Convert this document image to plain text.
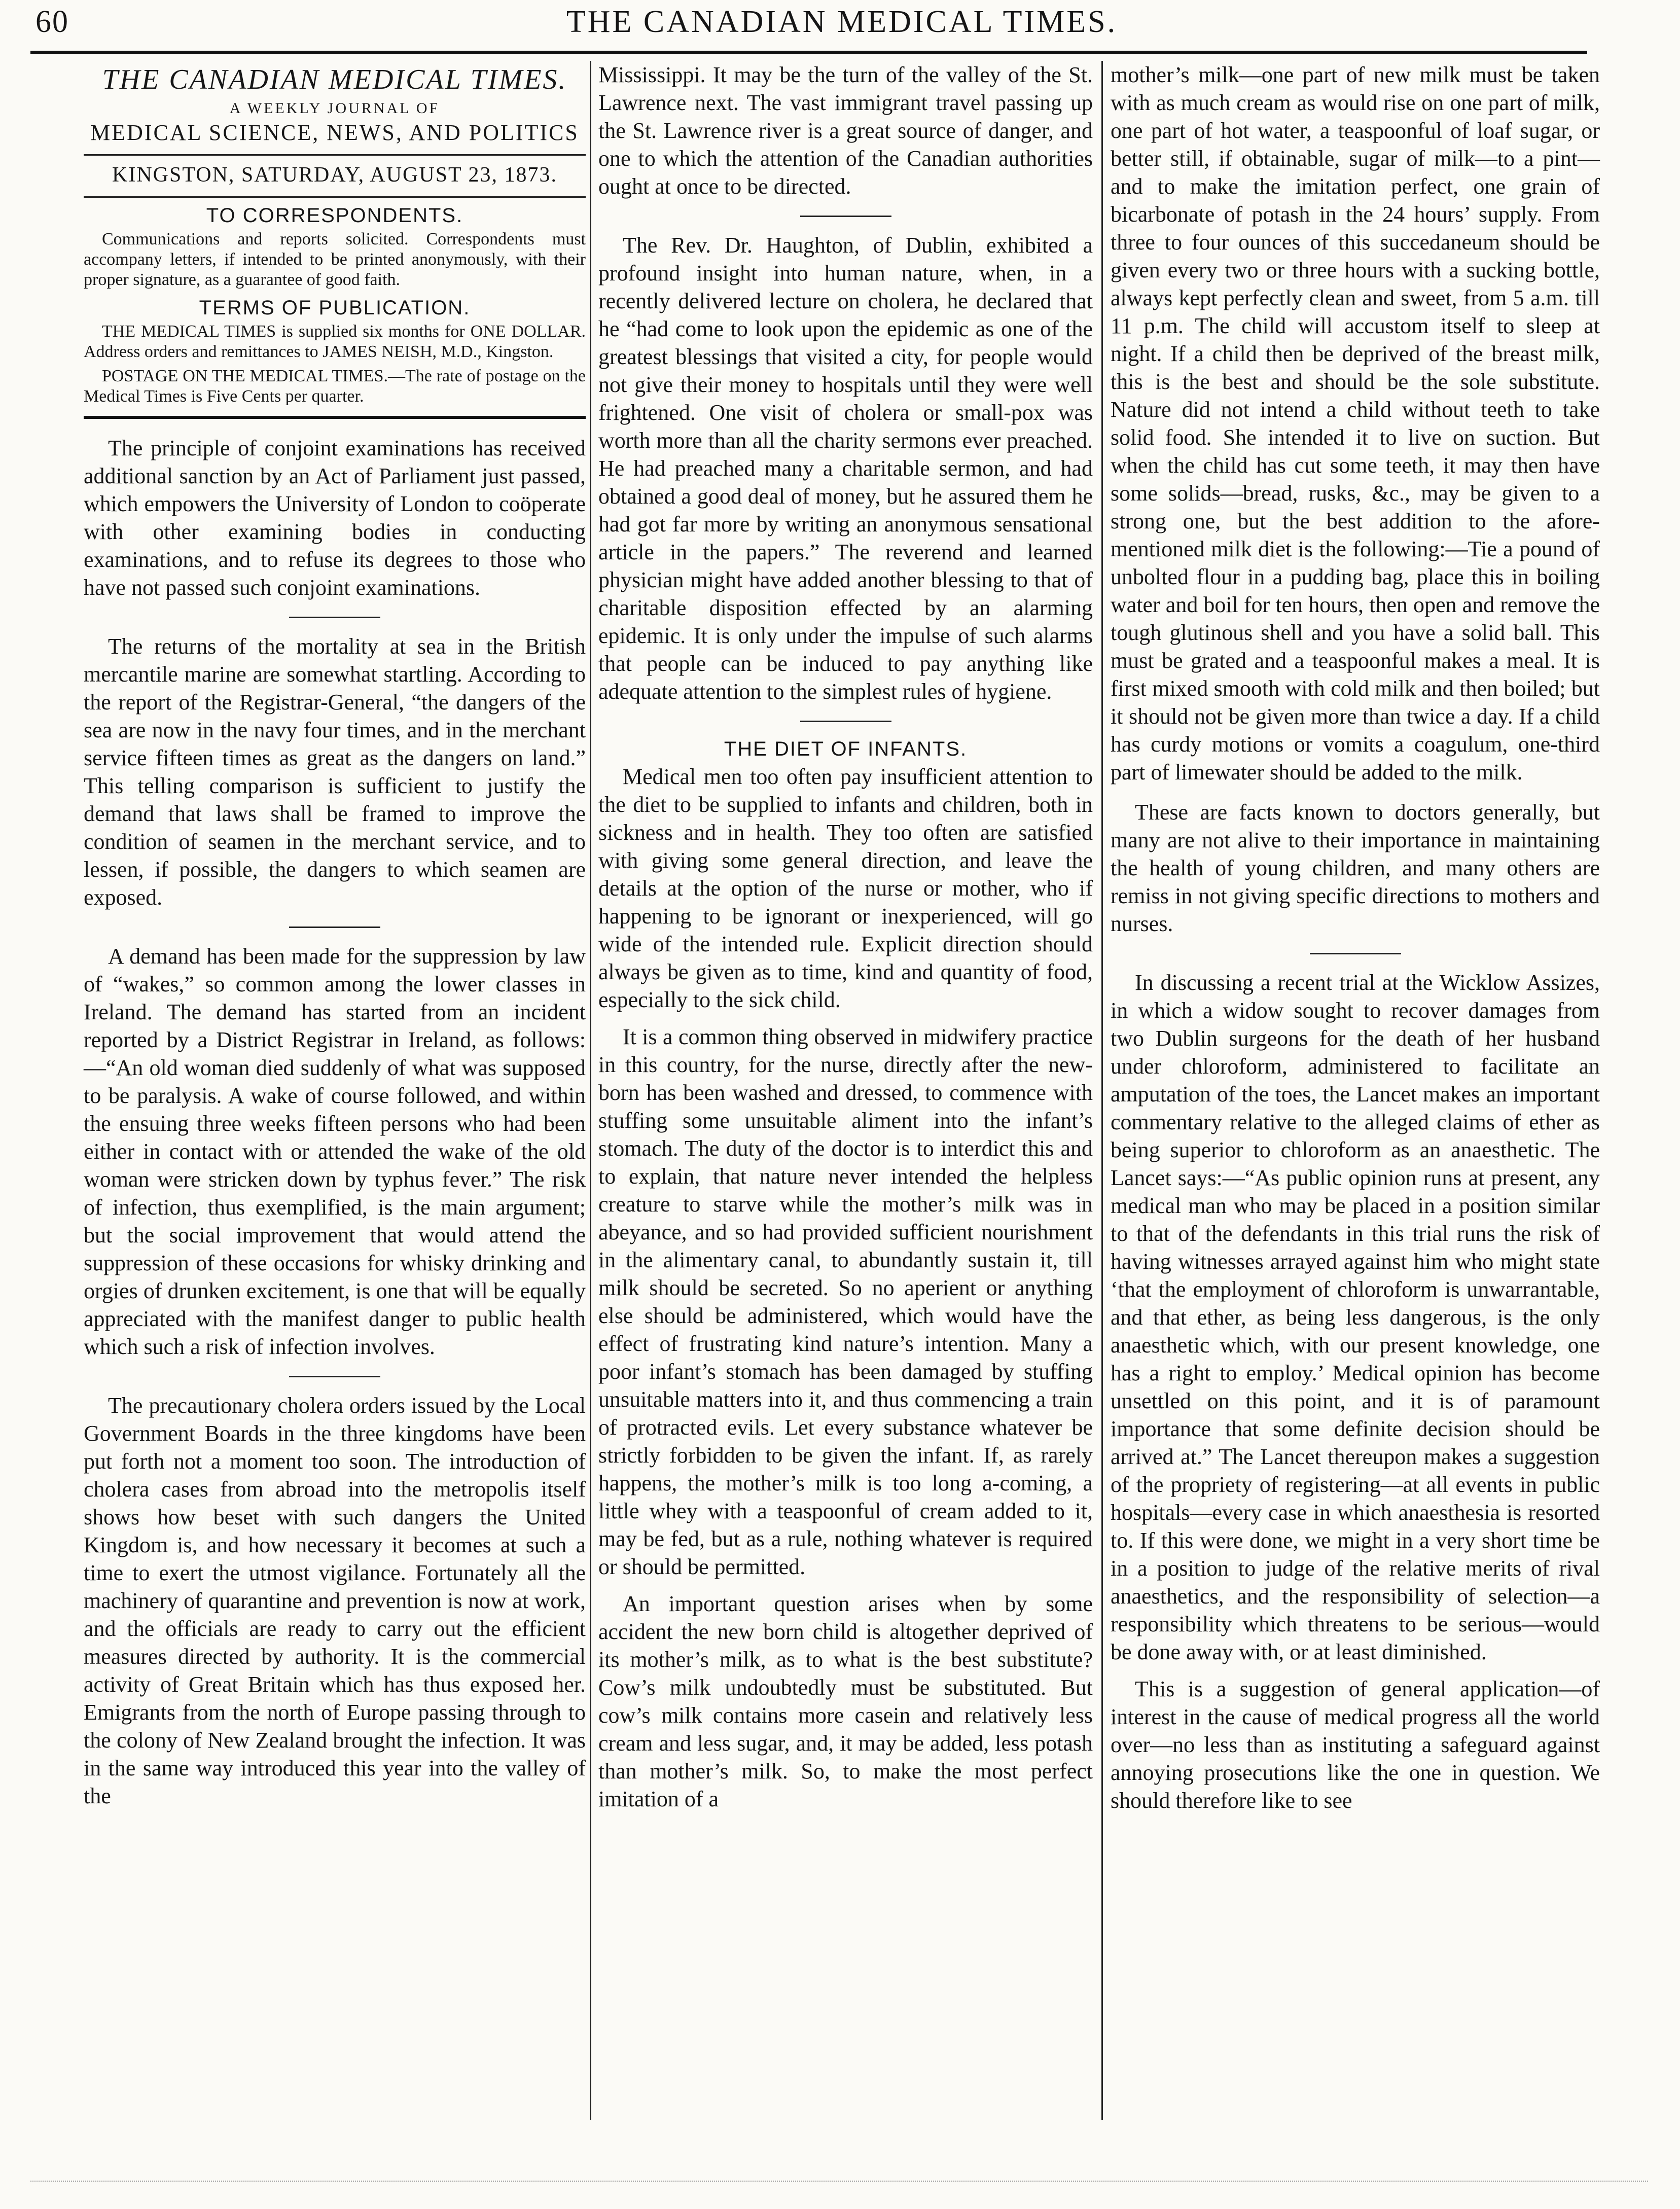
60	THE CANADIAN MEDICAL TIMES.
THE CANADIAN MEDICAL TIMES.
A WEEKLY JOURNAL OF
MEDICAL SCIENCE, NEWS, AND POLITICS
KINGSTON, SATURDAY, AUGUST 23, 1873.
TO CORRESPONDENTS.

Communications and reports solicited. Correspondents must accompany letters, if intended to be printed anonymously, with their proper signature, as a guarantee of good faith.

TERMS OF PUBLICATION.

THE MEDICAL TIMES is supplied six months for ONE DOLLAR. Address orders and remittances to JAMES NEISH, M.D., Kingston.

POSTAGE ON THE MEDICAL TIMES.—The rate of postage on the Medical Times is Five Cents per quarter.

The principle of conjoint examinations has received additional sanction by an Act of Parliament just passed, which empowers the University of London to coöperate with other examining bodies in conducting examinations, and to refuse its degrees to those who have not passed such conjoint examinations.

The returns of the mortality at sea in the British mercantile marine are somewhat startling. According to the report of the Registrar-General, “the dangers of the sea are now in the navy four times, and in the merchant service fifteen times as great as the dangers on land.” This telling comparison is sufficient to justify the demand that laws shall be framed to improve the condition of seamen in the merchant service, and to lessen, if possible, the dangers to which seamen are exposed.

A demand has been made for the suppression by law of “wakes,” so common among the lower classes in Ireland. The demand has started from an incident reported by a District Registrar in Ireland, as follows:—“An old woman died suddenly of what was supposed to be paralysis. A wake of course followed, and within the ensuing three weeks fifteen persons who had been either in contact with or attended the wake of the old woman were stricken down by typhus fever.” The risk of infection, thus exemplified, is the main argument; but the social improvement that would attend the suppression of these occasions for whisky drinking and orgies of drunken excitement, is one that will be equally appreciated with the manifest danger to public health which such a risk of infection involves.

The precautionary cholera orders issued by the Local Government Boards in the three kingdoms have been put forth not a moment too soon. The introduction of cholera cases from abroad into the metropolis itself shows how beset with such dangers the United Kingdom is, and how necessary it becomes at such a time to exert the utmost vigilance. Fortunately all the machinery of quarantine and prevention is now at work, and the officials are ready to carry out the efficient measures directed by authority. It is the commercial activity of Great Britain which has thus exposed her. Emigrants from the north of Europe passing through to the colony of New Zealand brought the infection. It was in the same way introduced this year into the valley of the

Mississippi. It may be the turn of the valley of the St. Lawrence next. The vast immigrant travel passing up the St. Lawrence river is a great source of danger, and one to which the attention of the Canadian authorities ought at once to be directed.

The Rev. Dr. Haughton, of Dublin, exhibited a profound insight into human nature, when, in a recently delivered lecture on cholera, he declared that he “had come to look upon the epidemic as one of the greatest blessings that visited a city, for people would not give their money to hospitals until they were well frightened. One visit of cholera or small-pox was worth more than all the charity sermons ever preached. He had preached many a charitable sermon, and had obtained a good deal of money, but he assured them he had got far more by writing an anonymous sensational article in the papers.” The reverend and learned physician might have added another blessing to that of charitable disposition effected by an alarming epidemic. It is only under the impulse of such alarms that people can be induced to pay anything like adequate attention to the simplest rules of hygiene.

THE DIET OF INFANTS.

Medical men too often pay insufficient attention to the diet to be supplied to infants and children, both in sickness and in health. They too often are satisfied with giving some general direction, and leave the details at the option of the nurse or mother, who if happening to be ignorant or inexperienced, will go wide of the intended rule. Explicit direction should always be given as to time, kind and quantity of food, especially to the sick child.

It is a common thing observed in midwifery practice in this country, for the nurse, directly after the new-born has been washed and dressed, to commence with stuffing some unsuitable aliment into the infant’s stomach. The duty of the doctor is to interdict this and to explain, that nature never intended the helpless creature to starve while the mother’s milk was in abeyance, and so had provided sufficient nourishment in the alimentary canal, to abundantly sustain it, till milk should be secreted. So no aperient or anything else should be administered, which would have the effect of frustrating kind nature’s intention. Many a poor infant’s stomach has been damaged by stuffing unsuitable matters into it, and thus commencing a train of protracted evils. Let every substance whatever be strictly forbidden to be given the infant. If, as rarely happens, the mother’s milk is too long a-coming, a little whey with a teaspoonful of cream added to it, may be fed, but as a rule, nothing whatever is required or should be permitted.

An important question arises when by some accident the new born child is altogether deprived of its mother’s milk, as to what is the best substitute? Cow’s milk undoubtedly must be substituted. But cow’s milk contains more casein and relatively less cream and less sugar, and, it may be added, less potash than mother’s milk. So, to make the most perfect imitation of a

mother’s milk—one part of new milk must be taken with as much cream as would rise on one part of milk, one part of hot water, a teaspoonful of loaf sugar, or better still, if obtainable, sugar of milk—to a pint—and to make the imitation perfect, one grain of bicarbonate of potash in the 24 hours’ supply. From three to four ounces of this succedaneum should be given every two or three hours with a sucking bottle, always kept perfectly clean and sweet, from 5 a.m. till 11 p.m. The child will accustom itself to sleep at night. If a child then be deprived of the breast milk, this is the best and should be the sole substitute. Nature did not intend a child without teeth to take solid food. She intended it to live on suction. But when the child has cut some teeth, it may then have some solids—bread, rusks, &c., may be given to a strong one, but the best addition to the afore-mentioned milk diet is the following:—Tie a pound of unbolted flour in a pudding bag, place this in boiling water and boil for ten hours, then open and remove the tough glutinous shell and you have a solid ball. This must be grated and a teaspoonful makes a meal. It is first mixed smooth with cold milk and then boiled; but it should not be given more than twice a day. If a child has curdy motions or vomits a coagulum, one-third part of limewater should be added to the milk.

These are facts known to doctors generally, but many are not alive to their importance in maintaining the health of young children, and many others are remiss in not giving specific directions to mothers and nurses.

In discussing a recent trial at the Wicklow Assizes, in which a widow sought to recover damages from two Dublin surgeons for the death of her husband under chloroform, administered to facilitate an amputation of the toes, the Lancet makes an important commentary relative to the alleged claims of ether as being superior to chloroform as an anaesthetic. The Lancet says:—“As public opinion runs at present, any medical man who may be placed in a position similar to that of the defendants in this trial runs the risk of having witnesses arrayed against him who might state ‘that the employment of chloroform is unwarrantable, and that ether, as being less dangerous, is the only anaesthetic which, with our present knowledge, one has a right to employ.’ Medical opinion has become unsettled on this point, and it is of paramount importance that some definite decision should be arrived at.” The Lancet thereupon makes a suggestion of the propriety of registering—at all events in public hospitals—every case in which anaesthesia is resorted to. If this were done, we might in a very short time be in a position to judge of the relative merits of rival anaesthetics, and the responsibility of selection—a responsibility which threatens to be serious—would be done away with, or at least diminished.

This is a suggestion of general application—of interest in the cause of medical progress all the world over—no less than as instituting a safeguard against annoying prosecutions like the one in question. We should therefore like to see
